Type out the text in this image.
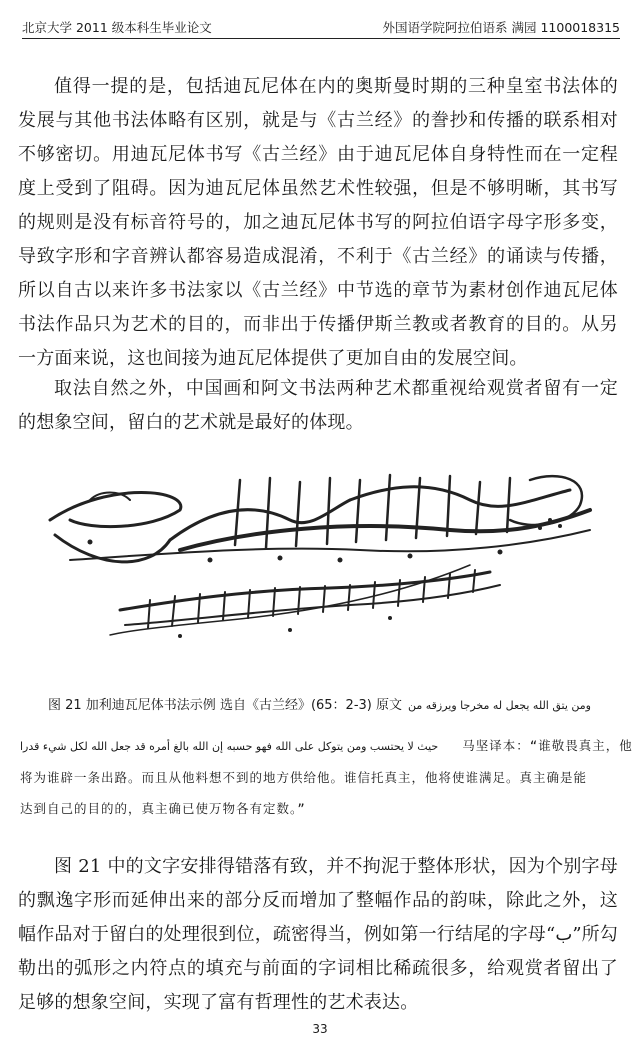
北京大学 2011 级本科生毕业论文	外国语学院阿拉伯语系 满园 1100018315
值得一提的是，包括迪瓦尼体在内的奥斯曼时期的三种皇室书法体的发展与其他书法体略有区别，就是与《古兰经》的誊抄和传播的联系相对不够密切。用迪瓦尼体书写《古兰经》由于迪瓦尼体自身特性而在一定程度上受到了阻碍。因为迪瓦尼体虽然艺术性较强，但是不够明晰，其书写的规则是没有标音符号的，加之迪瓦尼体书写的阿拉伯语字母字形多变，导致字形和字音辨认都容易造成混淆，不利于《古兰经》的诵读与传播，所以自古以来许多书法家以《古兰经》中节选的章节为素材创作迪瓦尼体书法作品只为艺术的目的，而非出于传播伊斯兰教或者教育的目的。从另一方面来说，这也间接为迪瓦尼体提供了更加自由的发展空间。
取法自然之外，中国画和阿文书法两种艺术都重视给观赏者留有一定的想象空间，留白的艺术就是最好的体现。
图 21 加利迪瓦尼体书法示例 选自《古兰经》(65：2-3) 原文 ومن يتق الله يجعل له مخرجا ويرزقه من
حيث لا يحتسب ومن يتوكل على الله فهو حسبه إن الله بالغ أمره قد جعل الله لكل شيء قدرا 马坚译本：“谁敬畏真主，他
将为谁辟一条出路。而且从他料想不到的地方供给他。谁信托真主，他将使谁满足。真主确是能
达到自己的目的的，真主确已使万物各有定数。”
图 21 中的文字安排得错落有致，并不拘泥于整体形状，因为个别字母的飘逸字形而延伸出来的部分反而增加了整幅作品的韵味，除此之外，这幅作品对于留白的处理很到位，疏密得当，例如第一行结尾的字母“ب”所勾勒出的弧形之内符点的填充与前面的字词相比稀疏很多，给观赏者留出了足够的想象空间，实现了富有哲理性的艺术表达。
33
